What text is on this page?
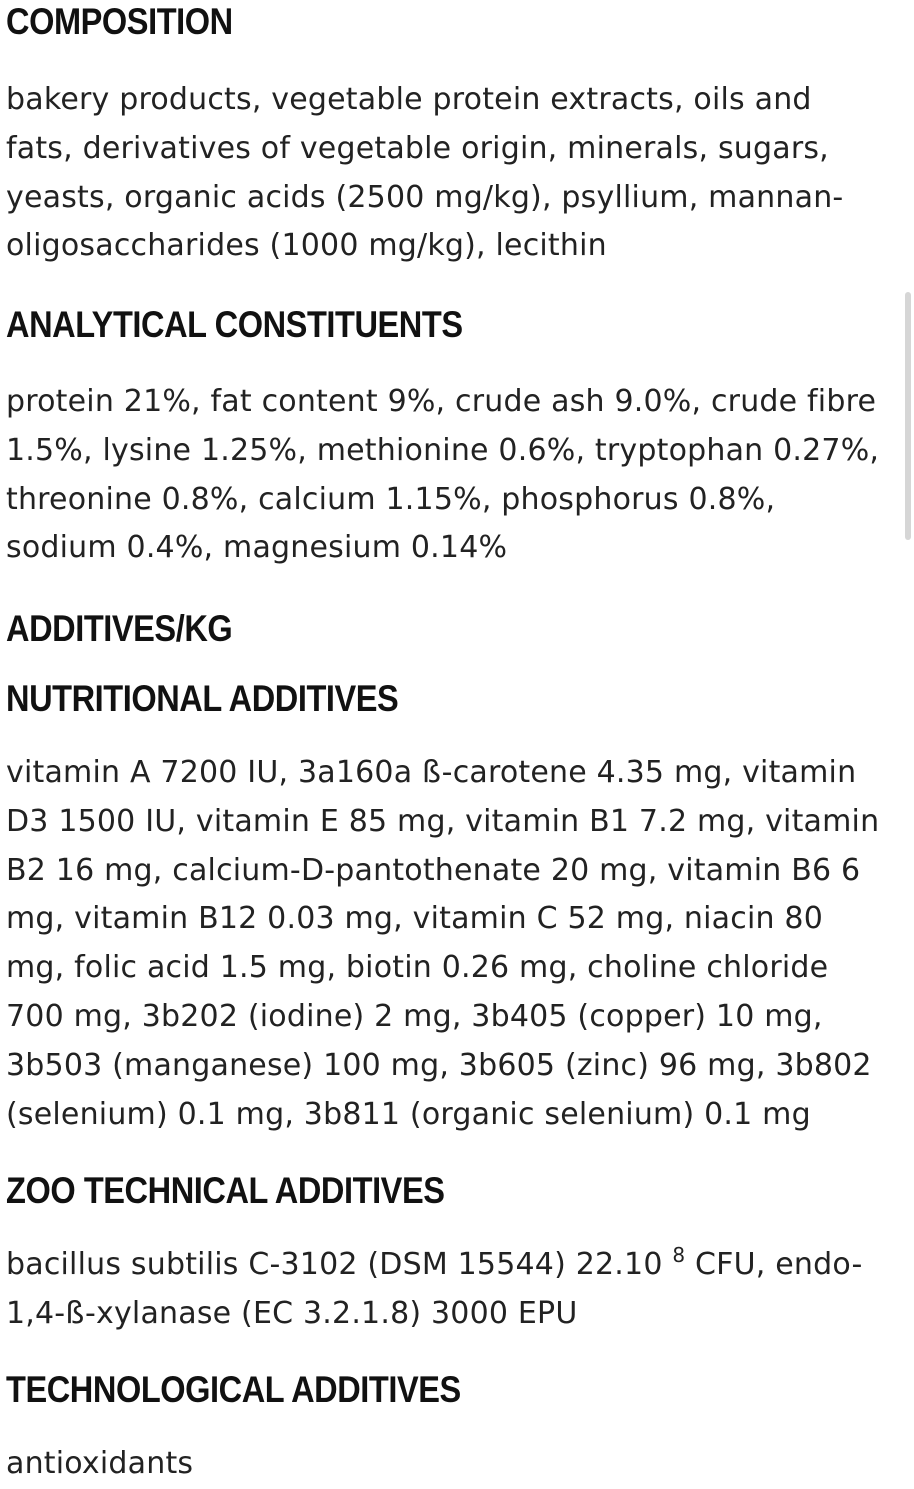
COMPOSITION

bakery products, vegetable protein extracts, oils and
fats, derivatives of vegetable origin, minerals, sugars,
yeasts, organic acids (2500 mg/kg), psyllium, mannan-
oligosaccharides (1000 mg/kg), lecithin

ANALYTICAL CONSTITUENTS

protein 21%, fat content 9%, crude ash 9.0%, crude fibre
1.5%, lysine 1.25%, methionine 0.6%, tryptophan 0.27%,
threonine 0.8%, calcium 1.15%, phosphorus 0.8%,
sodium 0.4%, magnesium 0.14%

ADDITIVES/KG
NUTRITIONAL ADDITIVES

vitamin A 7200 IU, 3a160a ß-carotene 4.35 mg, vitamin
D3 1500 IU, vitamin E 85 mg, vitamin B1 7.2 mg, vitamin
B2 16 mg, calcium-D-pantothenate 20 mg, vitamin B6 6
mg, vitamin B12 0.03 mg, vitamin C 52 mg, niacin 80
mg, folic acid 1.5 mg, biotin 0.26 mg, choline chloride
700 mg, 3b202 (iodine) 2 mg, 3b405 (copper) 10 mg,
3b503 (manganese) 100 mg, 3b605 (zinc) 96 mg, 3b802
(selenium) 0.1 mg, 3b811 (organic selenium) 0.1 mg

ZOO TECHNICAL ADDITIVES

bacillus subtilis C-3102 (DSM 15544) 22.10 $^8$ CFU, endo-
1,4-ß-xylanase (EC 3.2.1.8) 3000 EPU

TECHNOLOGICAL ADDITIVES

antioxidants
